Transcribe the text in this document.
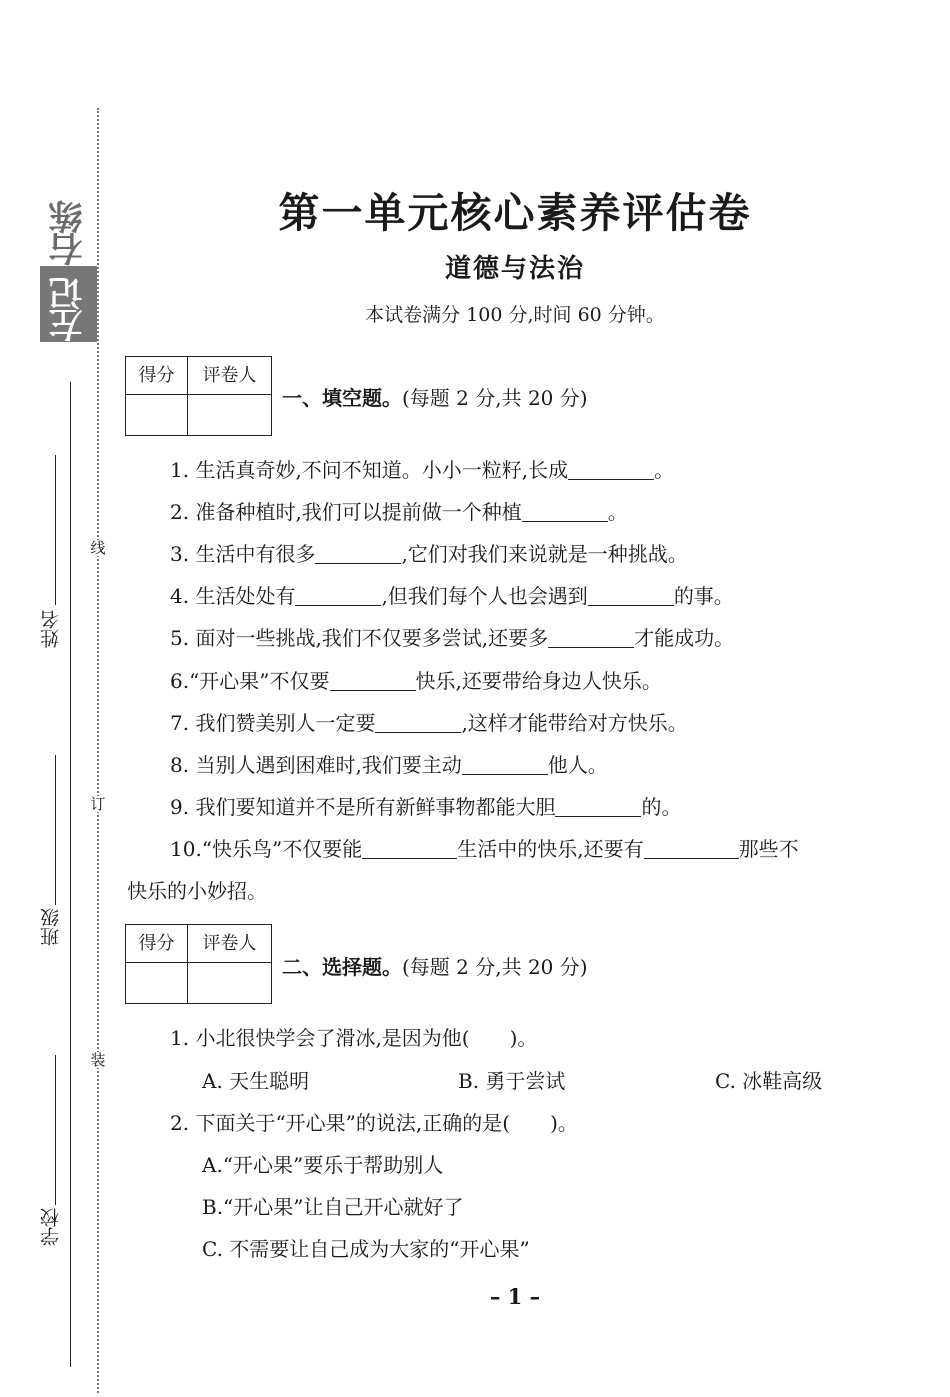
线
订
装
右练
左记
姓名
班级
学校
第一单元核心素养评估卷
道德与法治
本试卷满分 100 分,时间 60 分钟。
得分	评卷人
一、填空题。(每题 2 分,共 20 分)
1. 生活真奇妙,不问不知道。小小一粒籽,长成	。
2. 准备种植时,我们可以提前做一个种植	。
3. 生活中有很多	,它们对我们来说就是一种挑战。
4. 生活处处有	,但我们每个人也会遇到	的事。
5. 面对一些挑战,我们不仅要多尝试,还要多	才能成功。
6.“开心果”不仅要	快乐,还要带给身边人快乐。
7. 我们赞美别人一定要	,这样才能带给对方快乐。
8. 当别人遇到困难时,我们要主动	他人。
9. 我们要知道并不是所有新鲜事物都能大胆	的。
10.“快乐鸟”不仅要能	生活中的快乐,还要有	那些不
快乐的小妙招。
得分	评卷人
二、选择题。(每题 2 分,共 20 分)
1. 小北很快学会了滑冰,是因为他( )。
A. 天生聪明	B. 勇于尝试	C. 冰鞋高级
2. 下面关于“开心果”的说法,正确的是( )。
A.“开心果”要乐于帮助别人
B.“开心果”让自己开心就好了
C. 不需要让自己成为大家的“开心果”
– 1 –
